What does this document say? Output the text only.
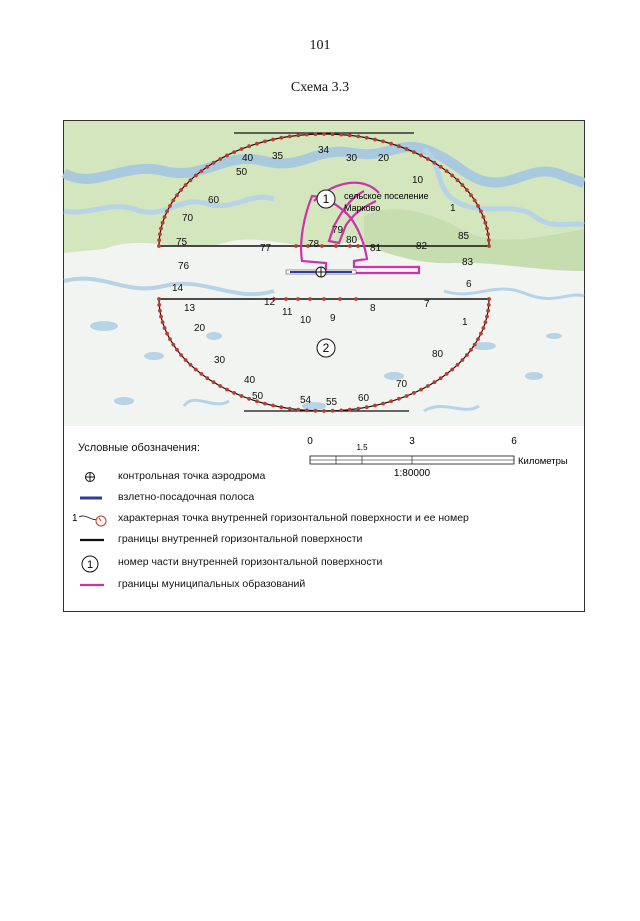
101
Схема 3.3
1
2
сельское поселение
Марково
40 35
34
30 20
50
10
60
1
70
75
77	78
79
80
81	82
85
76	83
14
13
12
11
10 9
8	7
6
1
20
30
80
40
50	54 55 60
70
Условные обозначения:
0
1.5
3	6
Километры
1:80000
контрольная точка аэродрома
взлетно-посадочная полоса
1	характерная точка внутренней горизонтальной поверхности и ее номер
границы внутренней горизонтальной поверхности
1 номер части внутренней горизонтальной поверхности
границы муниципальных образований
